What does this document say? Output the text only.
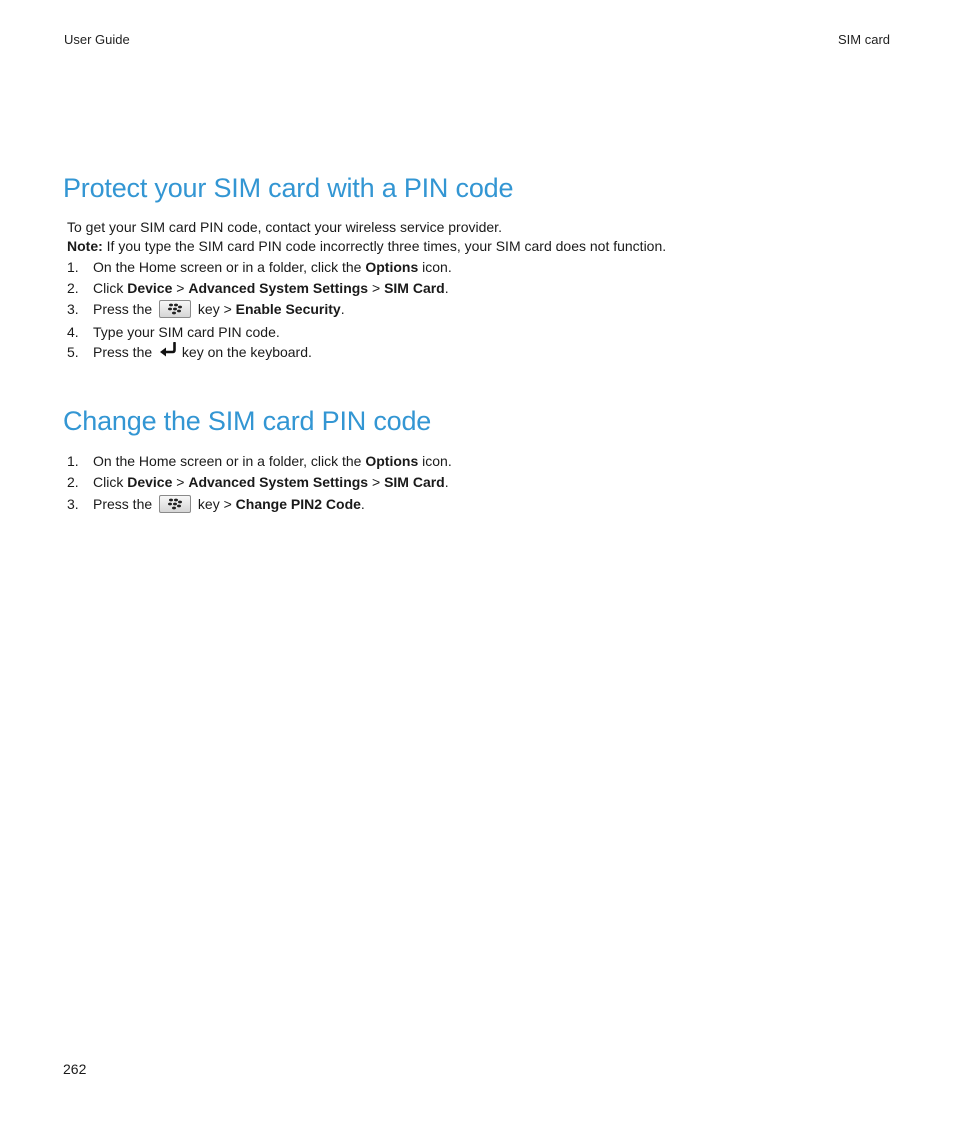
User Guide	SIM card
Protect your SIM card with a PIN code
To get your SIM card PIN code, contact your wireless service provider.
Note: If you type the SIM card PIN code incorrectly three times, your SIM card does not function.
1. On the Home screen or in a folder, click the Options icon.
2. Click Device > Advanced System Settings > SIM Card.
3. Press the	key > Enable Security.
4. Type your SIM card PIN code.
5. Press the  key on the keyboard.
Change the SIM card PIN code
1. On the Home screen or in a folder, click the Options icon.
2. Click Device > Advanced System Settings > SIM Card.
3. Press the	key > Change PIN2 Code.
262
